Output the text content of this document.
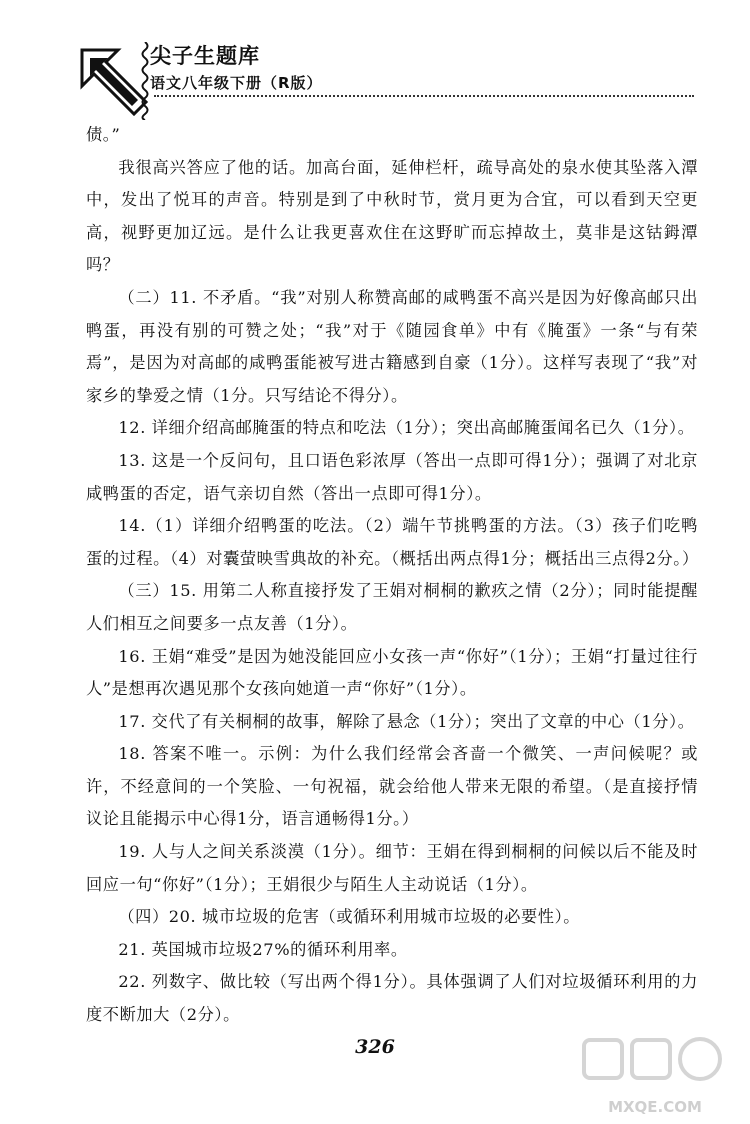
尖子生题库
语文八年级下册（R版）

债。”

我很高兴答应了他的话。加高台面，延伸栏杆，疏导高处的泉水使其坠落入潭中，发出了悦耳的声音。特别是到了中秋时节，赏月更为合宜，可以看到天空更高，视野更加辽远。是什么让我更喜欢住在这野旷而忘掉故土，莫非是这钴鉧潭吗？

（二）11. 不矛盾。“我”对别人称赞高邮的咸鸭蛋不高兴是因为好像高邮只出鸭蛋，再没有别的可赞之处；“我”对于《随园食单》中有《腌蛋》一条“与有荣焉”，是因为对高邮的咸鸭蛋能被写进古籍感到自豪（1分）。这样写表现了“我”对家乡的挚爱之情（1分。只写结论不得分）。

12. 详细介绍高邮腌蛋的特点和吃法（1分）；突出高邮腌蛋闻名已久（1分）。

13. 这是一个反问句，且口语色彩浓厚（答出一点即可得1分）；强调了对北京咸鸭蛋的否定，语气亲切自然（答出一点即可得1分）。

14.（1）详细介绍鸭蛋的吃法。（2）端午节挑鸭蛋的方法。（3）孩子们吃鸭蛋的过程。（4）对囊萤映雪典故的补充。（概括出两点得1分；概括出三点得2分。）

（三）15. 用第二人称直接抒发了王娟对桐桐的歉疚之情（2分）；同时能提醒人们相互之间要多一点友善（1分）。

16. 王娟“难受”是因为她没能回应小女孩一声“你好”（1分）；王娟“打量过往行人”是想再次遇见那个女孩向她道一声“你好”（1分）。

17. 交代了有关桐桐的故事，解除了悬念（1分）；突出了文章的中心（1分）。

18. 答案不唯一。示例：为什么我们经常会吝啬一个微笑、一声问候呢？或许，不经意间的一个笑脸、一句祝福，就会给他人带来无限的希望。（是直接抒情议论且能揭示中心得1分，语言通畅得1分。）

19. 人与人之间关系淡漠（1分）。细节：王娟在得到桐桐的问候以后不能及时回应一句“你好”（1分）；王娟很少与陌生人主动说话（1分）。

（四）20. 城市垃圾的危害（或循环利用城市垃圾的必要性）。

21. 英国城市垃圾27%的循环利用率。

22. 列数字、做比较（写出两个得1分）。具体强调了人们对垃圾循环利用的力度不断加大（2分）。

326
MXQE.COM
